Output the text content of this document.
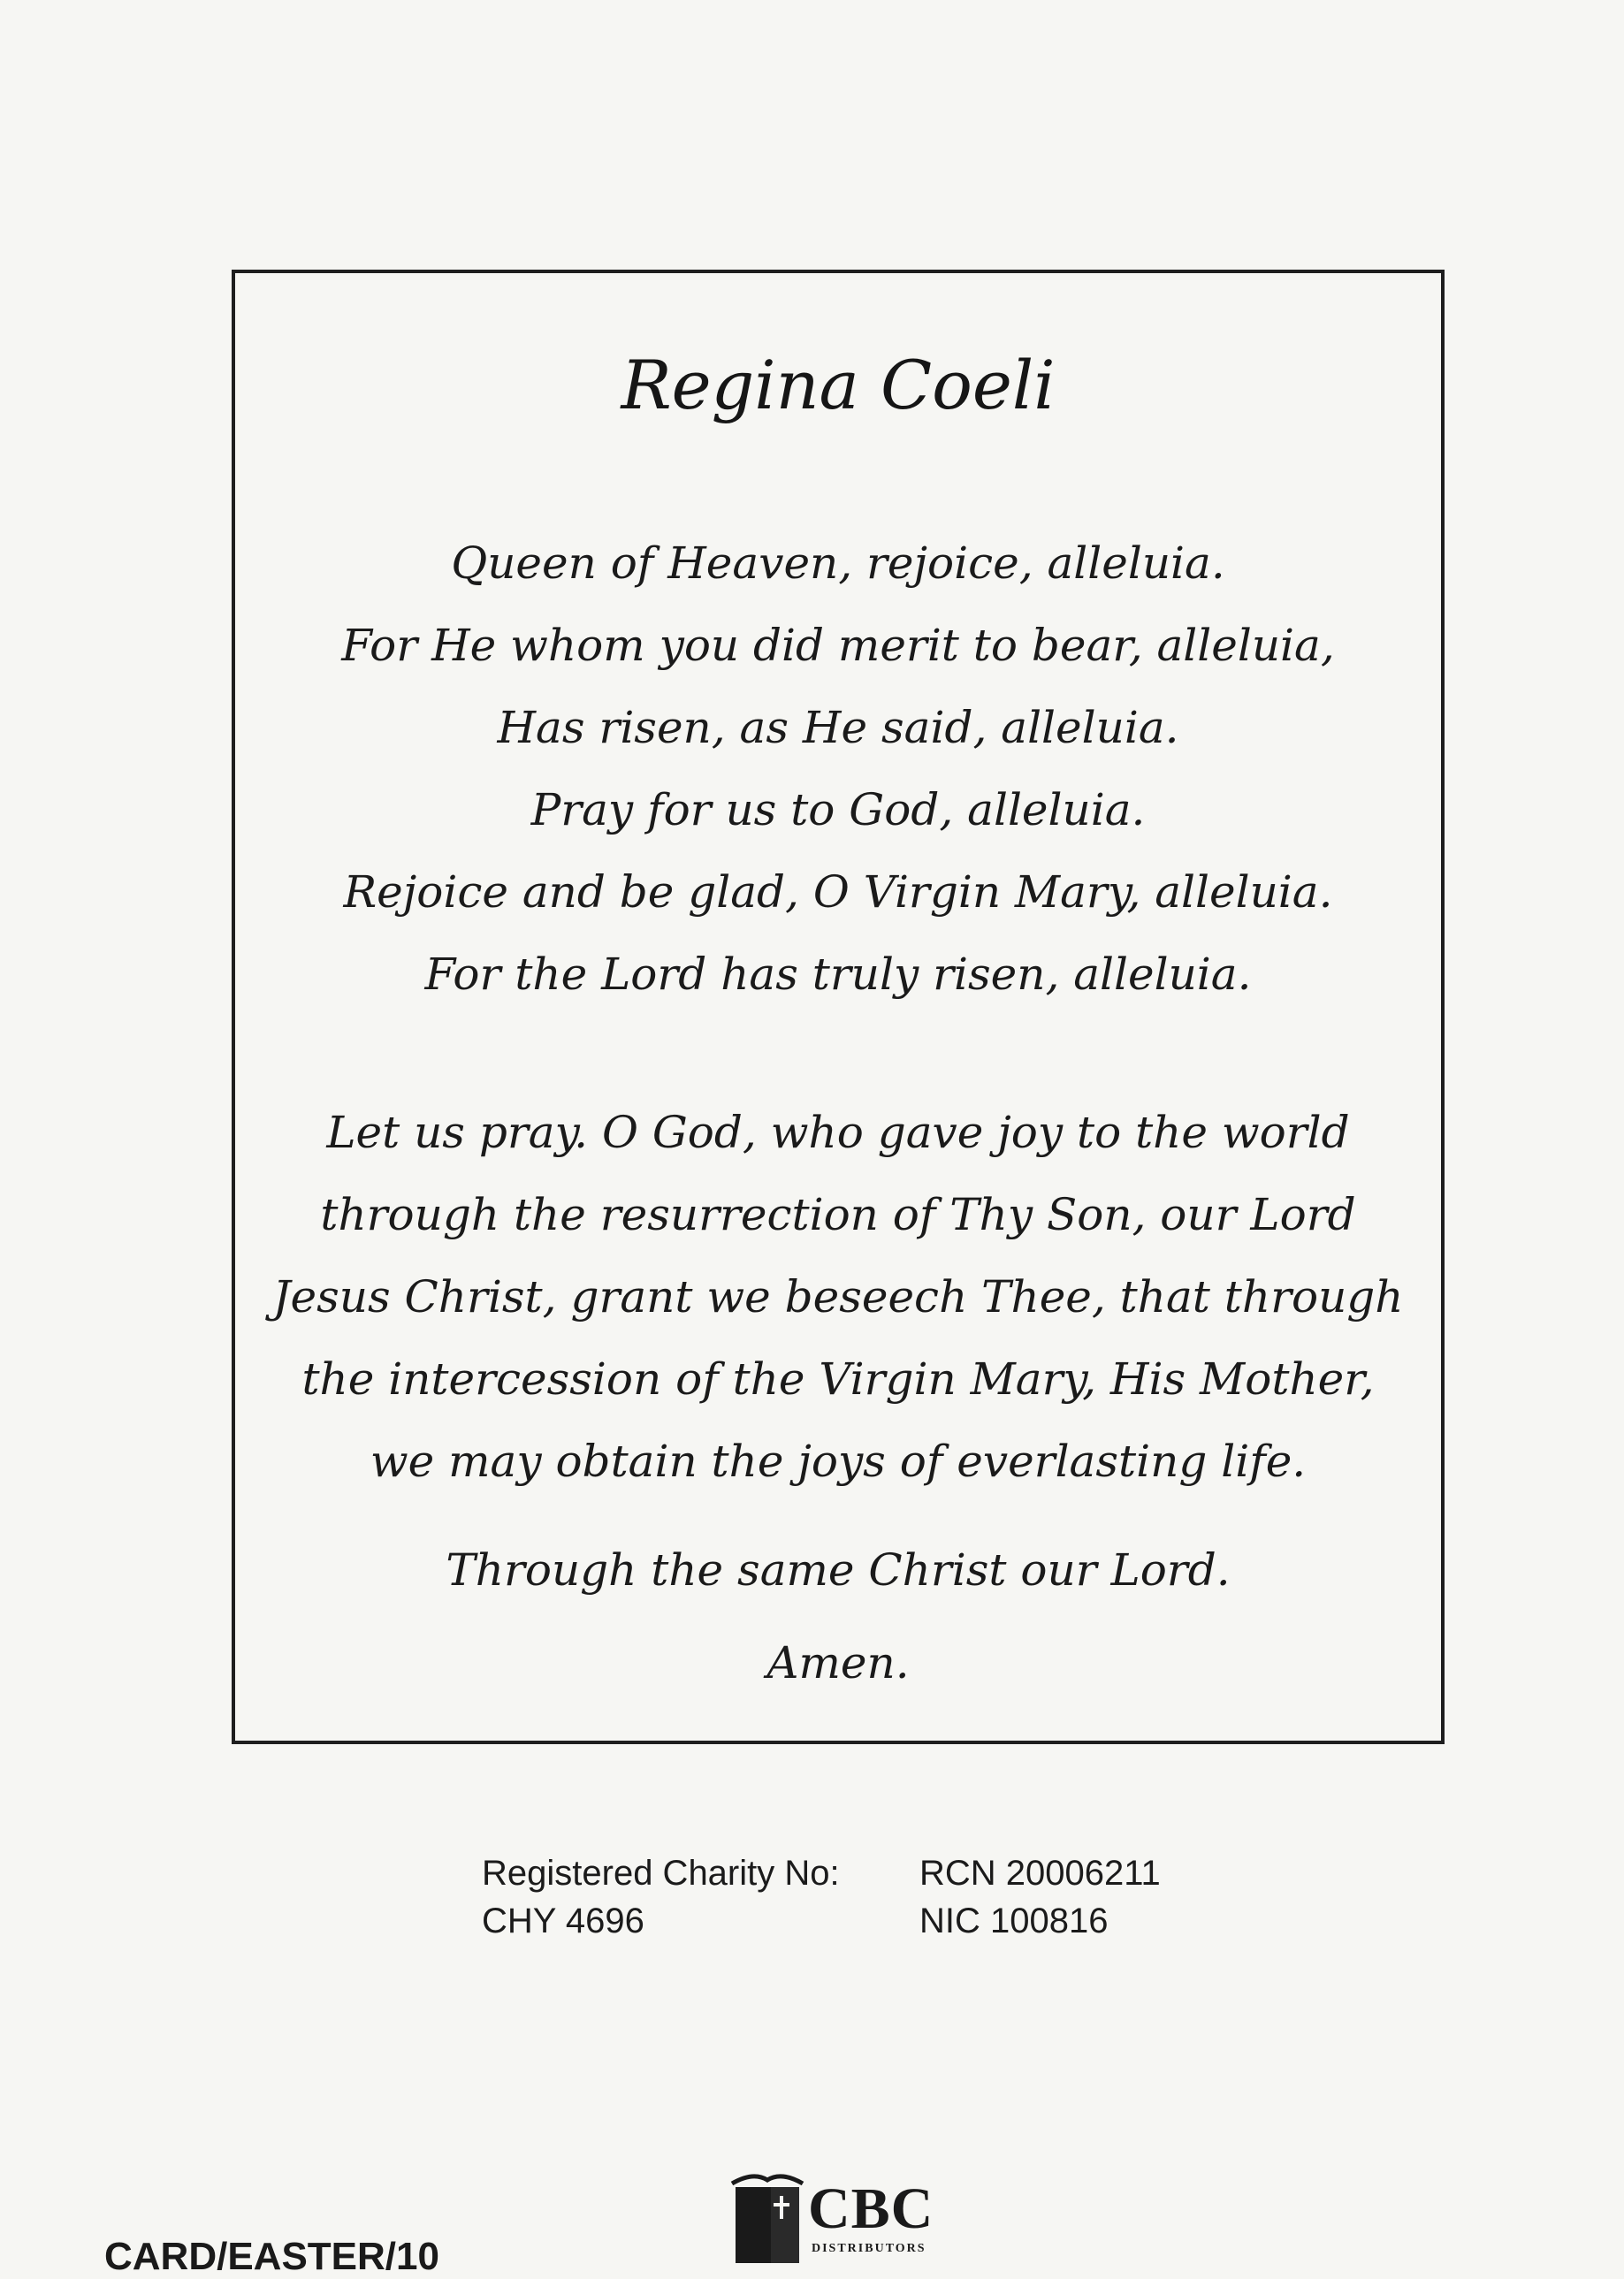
Regina Coeli
Queen of Heaven, rejoice, alleluia.
For He whom you did merit to bear, alleluia,
Has risen, as He said, alleluia.
Pray for us to God, alleluia.
Rejoice and be glad, O Virgin Mary, alleluia.
For the Lord has truly risen, alleluia.
Let us pray. O God, who gave joy to the world
through the resurrection of Thy Son, our Lord
Jesus Christ, grant we beseech Thee, that through
the intercession of the Virgin Mary, His Mother,
we may obtain the joys of everlasting life.
Through the same Christ our Lord.
Amen.
Registered Charity No: RCN 20006211
CHY 4696	NIC 100816
CBC
DISTRIBUTORS
CARD/EASTER/10
